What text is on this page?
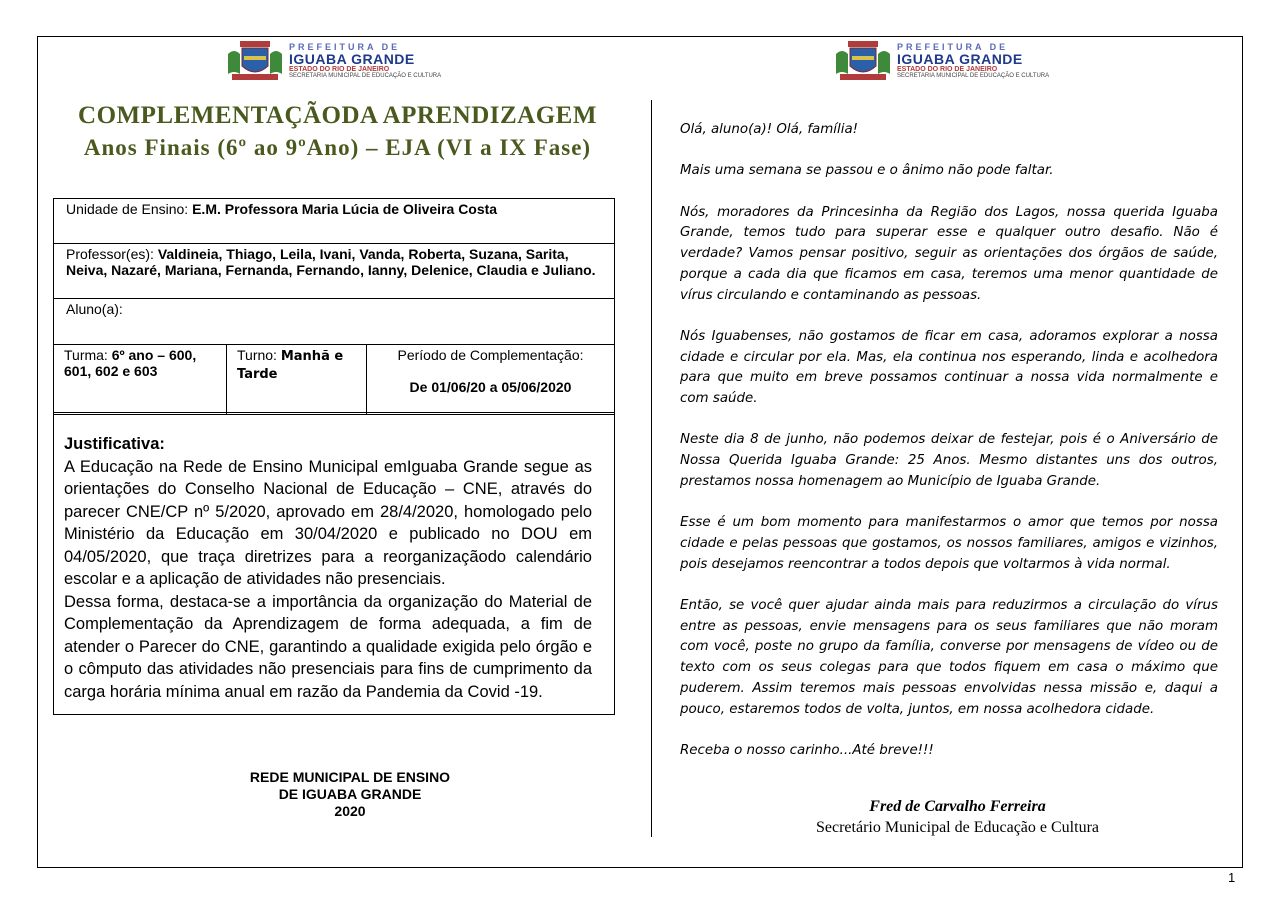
PREFEITURA DE
IGUABA GRANDE
ESTADO DO RIO DE JANEIRO
SECRETARIA MUNICIPAL DE EDUCAÇÃO E CULTURA
PREFEITURA DE
IGUABA GRANDE
ESTADO DO RIO DE JANEIRO
SECRETARIA MUNICIPAL DE EDUCAÇÃO E CULTURA
COMPLEMENTAÇÃODA APRENDIZAGEM
Anos Finais (6º ao 9ºAno) – EJA (VI a IX Fase)
Unidade de Ensino: E.M. Professora Maria Lúcia de Oliveira Costa
Professor(es): Valdineia, Thiago, Leila, Ivani, Vanda, Roberta, Suzana, Sarita, Neiva, Nazaré, Mariana, Fernanda, Fernando, Ianny, Delenice, Claudia e Juliano.
Aluno(a):
Turma: 6º ano – 600, 601, 602 e 603
Turno: Manhã e Tarde
Período de Complementação:
De 01/06/20 a 05/06/2020
Justificativa:

A Educação na Rede de Ensino Municipal emIguaba Grande segue as orientações do Conselho Nacional de Educação – CNE, através do parecer CNE/CP nº 5/2020, aprovado em 28/4/2020, homologado pelo Ministério da Educação em 30/04/2020 e publicado no DOU em 04/05/2020, que traça diretrizes para a reorganizaçãodo calendário escolar e a aplicação de atividades não presenciais.

Dessa forma, destaca-se a importância da organização do Material de Complementação da Aprendizagem de forma adequada, a fim de atender o Parecer do CNE, garantindo a qualidade exigida pelo órgão e o cômputo das atividades não presenciais para fins de cumprimento da carga horária mínima anual em razão da Pandemia da Covid -19.

REDE MUNICIPAL DE ENSINO
DE IGUABA GRANDE
2020

Olá, aluno(a)! Olá, família!

Mais uma semana se passou e o ânimo não pode faltar.

Nós, moradores da Princesinha da Região dos Lagos, nossa querida Iguaba Grande, temos tudo para superar esse e qualquer outro desafio. Não é verdade? Vamos pensar positivo, seguir as orientações dos órgãos de saúde, porque a cada dia que ficamos em casa, teremos uma menor quantidade de vírus circulando e contaminando as pessoas.

Nós Iguabenses, não gostamos de ficar em casa, adoramos explorar a nossa cidade e circular por ela. Mas, ela continua nos esperando, linda e acolhedora para que muito em breve possamos continuar a nossa vida normalmente e com saúde.

Neste dia 8 de junho, não podemos deixar de festejar, pois é o Aniversário de Nossa Querida Iguaba Grande: 25 Anos. Mesmo distantes uns dos outros, prestamos nossa homenagem ao Município de Iguaba Grande.

Esse é um bom momento para manifestarmos o amor que temos por nossa cidade e pelas pessoas que gostamos, os nossos familiares, amigos e vizinhos, pois desejamos reencontrar a todos depois que voltarmos à vida normal.

Então, se você quer ajudar ainda mais para reduzirmos a circulação do vírus entre as pessoas, envie mensagens para os seus familiares que não moram com você, poste no grupo da família, converse por mensagens de vídeo ou de texto com os seus colegas para que todos fiquem em casa o máximo que puderem. Assim teremos mais pessoas envolvidas nessa missão e, daqui a pouco, estaremos todos de volta, juntos, em nossa acolhedora cidade.

Receba o nosso carinho...Até breve!!!

Fred de Carvalho Ferreira
Secretário Municipal de Educação e Cultura
1
